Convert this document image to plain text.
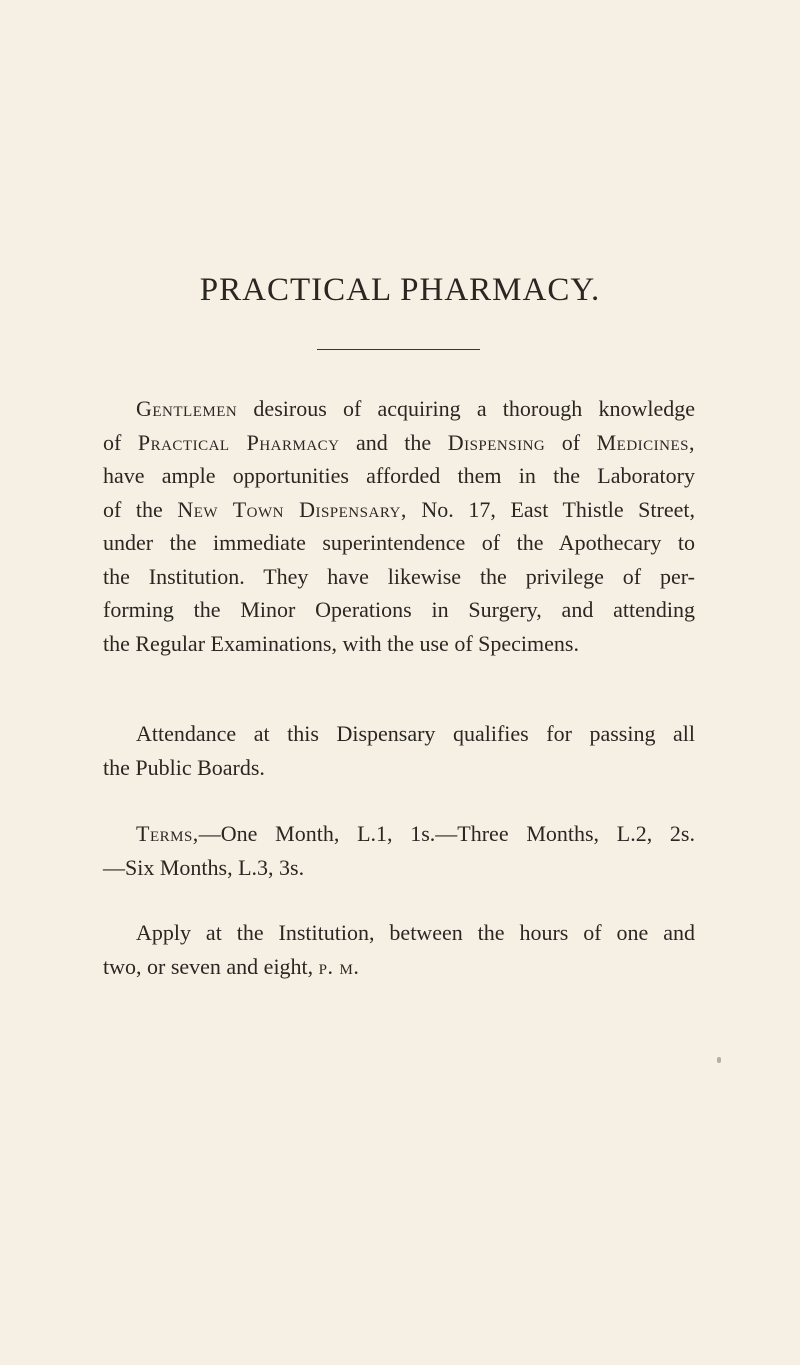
PRACTICAL PHARMACY.

Gentlemen desirous of acquiring a thorough knowledge
of Practical Pharmacy and the Dispensing of Medicines,
have ample opportunities afforded them in the Laboratory
of the New Town Dispensary, No. 17, East Thistle Street,
under the immediate superintendence of the Apothecary to
the Institution. They have likewise the privilege of per-
forming the Minor Operations in Surgery, and attending
the Regular Examinations, with the use of Specimens.

Attendance at this Dispensary qualifies for passing all
the Public Boards.

Terms,—One Month, L.1, 1s.—Three Months, L.2, 2s.
—Six Months, L.3, 3s.

Apply at the Institution, between the hours of one and
two, or seven and eight, p. m.
